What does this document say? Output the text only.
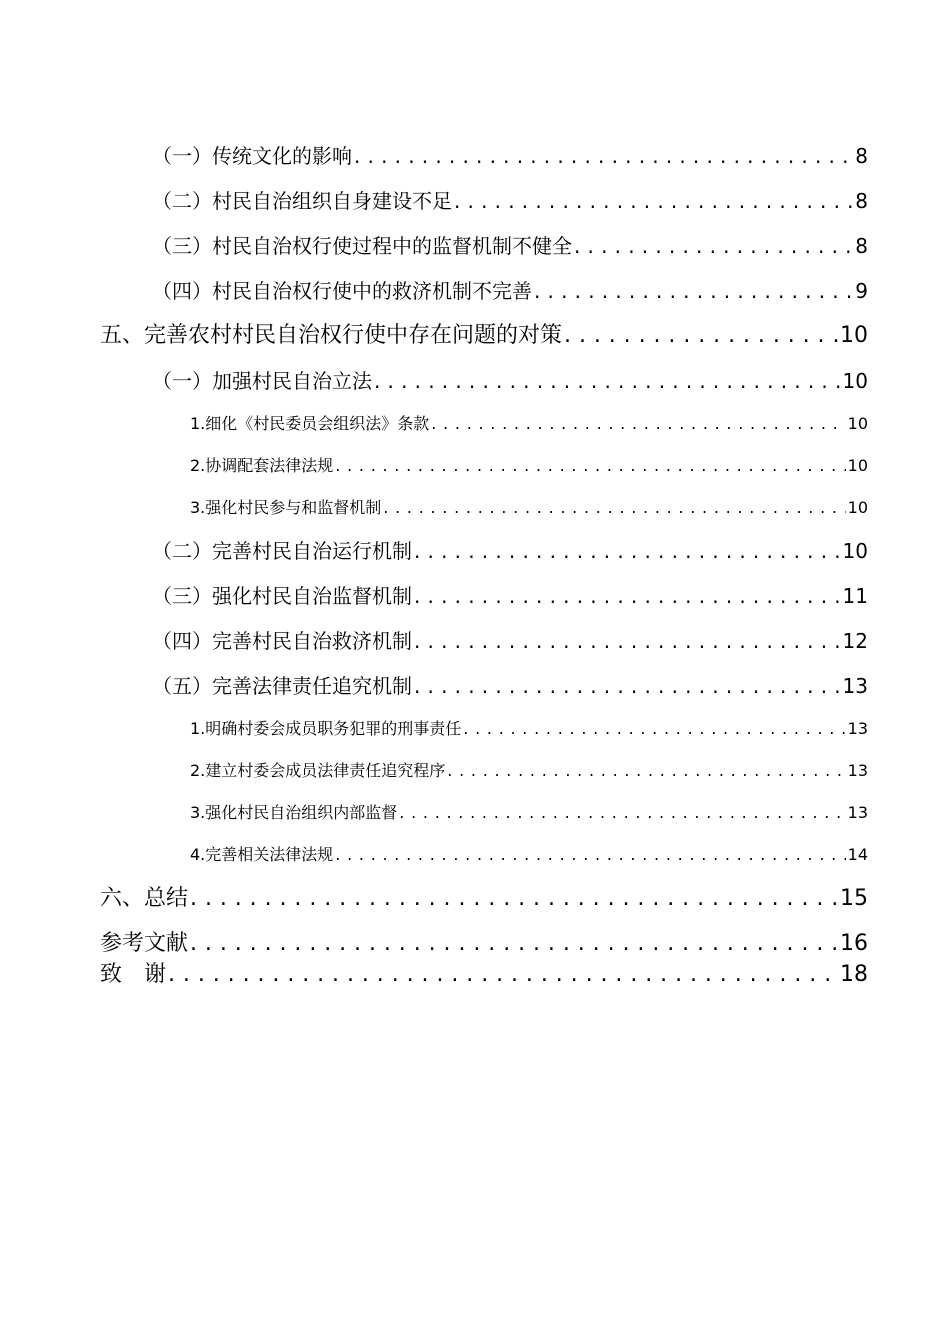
（一） 传统文化的影响 .....	8
（二） 村民自治组织自身建设不足 .....	8
（三） 村民自治权行使过程中的监督机制不健全 .....	8
（四） 村民自治权行使中的救济机制不完善 .....	9
五、 完善农村村民自治权行使中存在问题的对策 .....	10
（一） 加强村民自治立法 .....	10
1. 细化《村民委员会组织法》条款 .....	10
2. 协调配套法律法规 .....	10
3. 强化村民参与和监督机制 .....	10
（二） 完善村民自治运行机制 .....	10
（三） 强化村民自治监督机制 .....	11
（四） 完善村民自治救济机制 .....	12
（五） 完善法律责任追究机制 .....	13
1. 明确村委会成员职务犯罪的刑事责任 .....	13
2. 建立村委会成员法律责任追究程序 .....	13
3. 强化村民自治组织内部监督 .....	13
4. 完善相关法律法规 .....	14
六、 总结 .....	15
参考文献 .....	16
致　谢 .....	18
